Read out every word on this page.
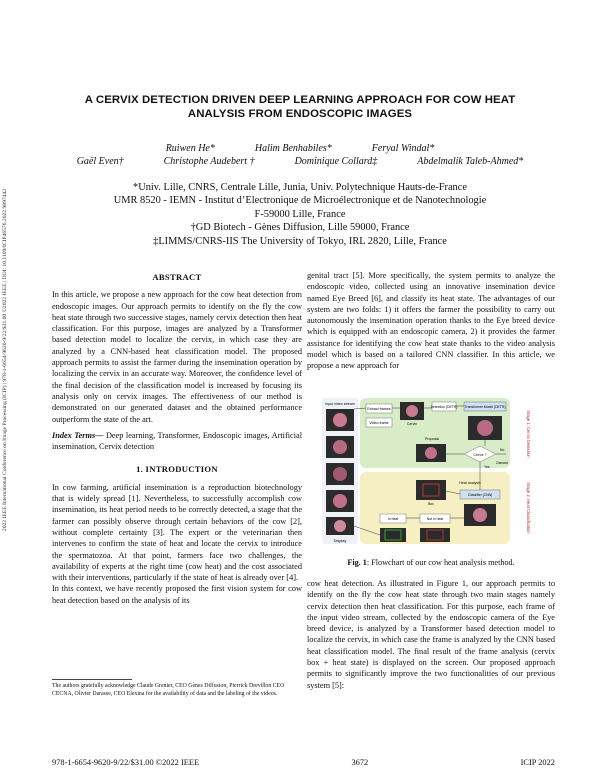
2022 IEEE International Conference on Image Processing (ICIP) | 978-1-6654-9620-9/22/$31.00 ©2022 IEEE | DOI: 10.1109/ICIP46576.2022.9897442
A CERVIX DETECTION DRIVEN DEEP LEARNING APPROACH FOR COW HEAT
ANALYSIS FROM ENDOSCOPIC IMAGES
Ruiwen He*	Halim Benhabiles*	Feryal Windal*
Gaël Even†	Christophe Audebert †	Dominique Collard‡	Abdelmalik Taleb-Ahmed*
*Univ. Lille, CNRS, Centrale Lille, Junia, Univ. Polytechnique Hauts-de-France
UMR 8520 - IEMN - Institut d’Electronique de Microélectronique et de Nanotechnologie
F-59000 Lille, France
†GD Biotech - Gènes Diffusion, Lille 59000, France
‡LIMMS/CNRS-IIS The University of Tokyo, IRL 2820, Lille, France
ABSTRACT

In this article, we propose a new approach for the cow heat detection from endoscopic images. Our approach permits to identify on the fly the cow heat state through two successive stages, namely cervix detection then heat classification. For this purpose, images are analyzed by a Transformer based detection model to localize the cervix, in which case they are analyzed by a CNN-based heat classification model. The proposed approach permits to assist the farmer during the insemination operation by localizing the cervix in an accurate way. Moreover, the confidence level of the final decision of the classification model is increased by focusing its analysis only on cervix images. The effectiveness of our method is demonstrated on our generated dataset and the obtained performance outperform the state of the art.

Index Terms— Deep learning, Transformer, Endoscopic images, Artificial insemination, Cervix detection

1. INTRODUCTION

In cow farming, artificial insemination is a reproduction biotechnology that is widely spread [1]. Nevertheless, to successfully accomplish cow insemination, its heat period needs to be correctly detected, a stage that the farmer can possibly observe through certain behaviors of the cow [2], without complete certainty [3]. The expert or the veterinarian then intervenes to confirm the state of heat and locate the cervix to introduce the spermatozoa. At that point, farmers face two challenges, the availability of experts at the right time (cow heat) and the cost associated with their interventions, particularly if the state of heat is already over [4].

In this context, we have recently proposed the first vision system for cow heat detection based on the analysis of its

The authors gratefully acknowledge Claude Grenier, CEO Gènes Diffusion, Pierrick Drevillon CEO CECNA, Olivier Darasse, CEO Elexina for the availability of data and the labeling of the videos.

genital tract [5]. More specifically, the system permits to analyze the endoscopic video, collected using an innovative insemination device named Eye Breed [6], and classify its heat state. The advantages of our system are two folds: 1) it offers the farmer the possibility to carry out autonomously the insemination operation thanks to the Eye breed device which is equipped with an endoscopic camera, 2) it provides the farmer assistance for identifying the cow heat state thanks to the video analysis model which is based on a tailored CNN classifier. In this article, we propose a new approach for

Stage 1: Cervix Detection
Stage 2: Heat Classification
Input video stream
Display
Extract frames
Video frame	Cervix
Detection (DETR) Transformer Model (DETR)
Proposal
Cervix ?
No
Discard
Yes
Heat analysis
Box
Classifier (CNN)
In heat	Not in heat
Fig. 1: Flowchart of our cow heat analysis method.

cow heat detection. As illustrated in Figure 1, our approach permits to identify on the fly the cow heat state through two main stages namely cervix detection then heat classification. For this purpose, each frame of the input video stream, collected by the endoscopic camera of the Eye breed device, is analyzed by a Transformer based detection model to localize the cervix, in which case the frame is analyzed by the CNN based heat classification model. The final result of the frame analysis (cervix box + heat state) is displayed on the screen. Our proposed approach permits to significantly improve the two functionalities of our previous system [5]:

978-1-6654-9620-9/22/$31.00 ©2022 IEEE	3672	ICIP 2022
